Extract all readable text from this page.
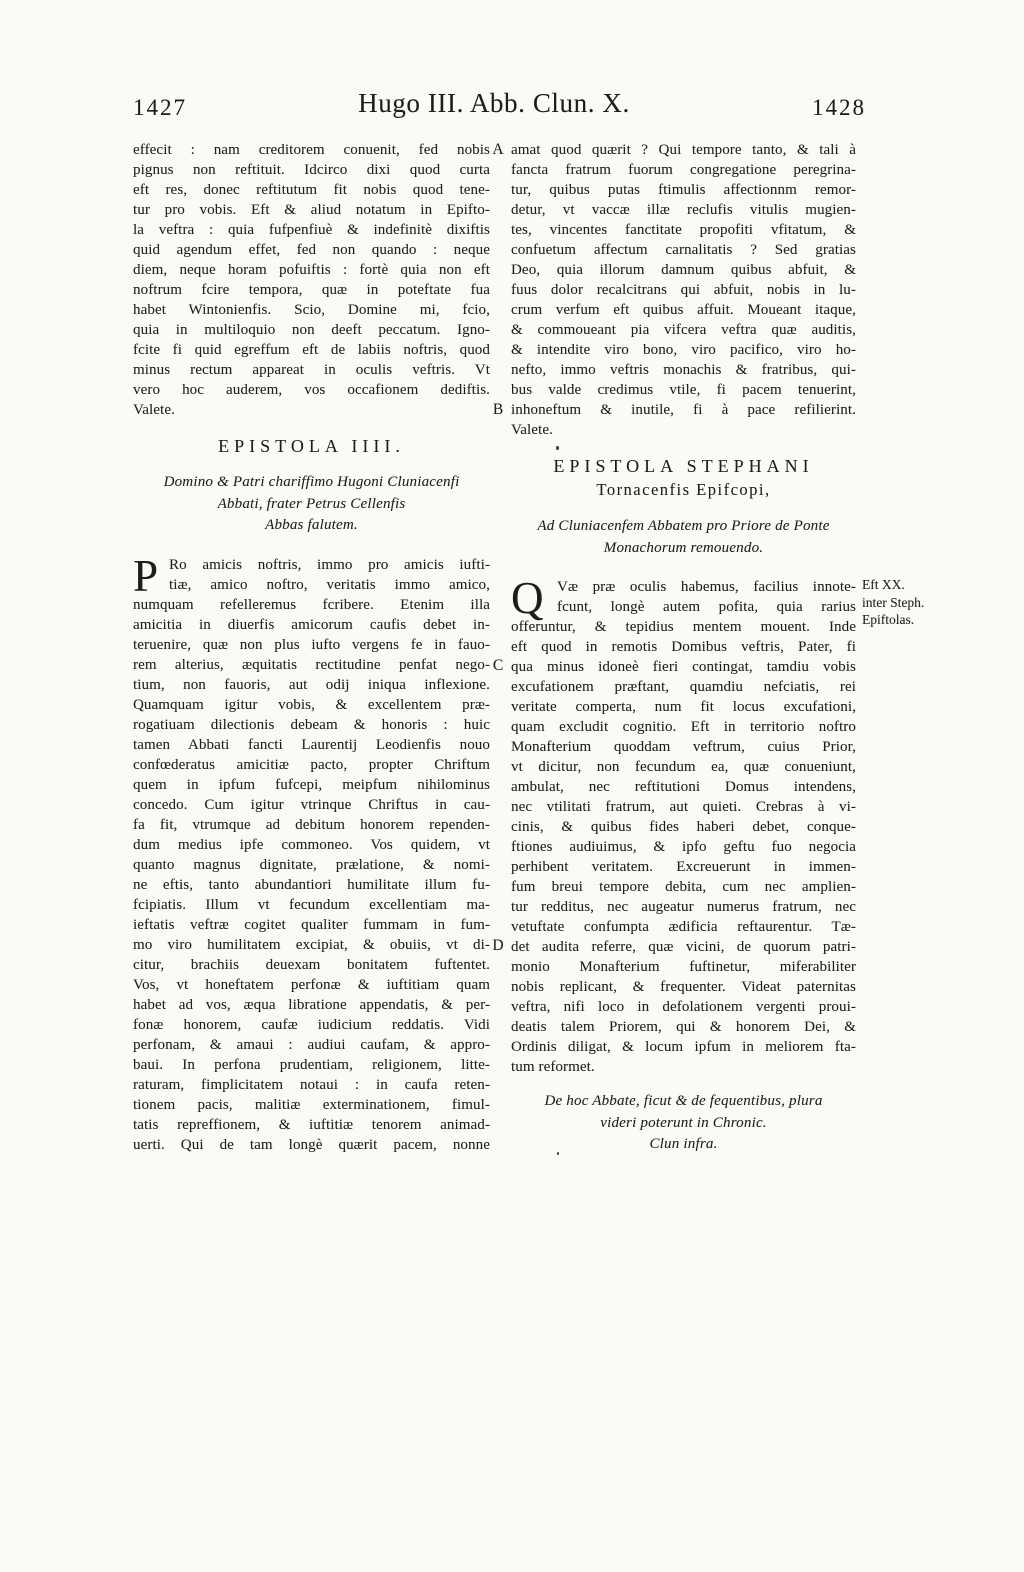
1427	Hugo III. Abb. Clun. X.	1428
effecit : nam creditorem conuenit, fed nobis
pignus non reftituit. Idcirco dixi quod curta
eft res, donec reftitutum fit nobis quod tene-
tur pro vobis. Eft & aliud notatum in Epifto-
la veftra : quia fufpenfiuè & indefinitè dixiftis
quid agendum effet, fed non quando : neque
diem, neque horam pofuiftis : fortè quia non eft
noftrum fcire tempora, quæ in poteftate fua
habet Wintonienfis. Scio, Domine mi, fcio,
quia in multiloquio non deeft peccatum. Igno-
fcite fi quid egreffum eft de labiis noftris, quod
minus rectum appareat in oculis veftris. Vt
vero hoc auderem, vos occafionem dediftis.
Valete.
EPISTOLA IIII.
Domino & Patri chariffimo Hugoni Cluniacenfi
Abbati, frater Petrus Cellenfis
Abbas falutem.
P Ro amicis noftris, immo pro amicis iufti-
tiæ, amico noftro, veritatis immo amico,
numquam refelleremus fcribere. Etenim illa
amicitia in diuerfis amicorum caufis debet in-
teruenire, quæ non plus iufto vergens fe in fauo-
rem alterius, æquitatis rectitudine penfat nego-
tium, non fauoris, aut odij iniqua inflexione.
Quamquam igitur vobis, & excellentem præ-
rogatiuam dilectionis debeam & honoris : huic
tamen Abbati fancti Laurentij Leodienfis nouo
confœderatus amicitiæ pacto, propter Chriftum
quem in ipfum fufcepi, meipfum nihilominus
concedo. Cum igitur vtrinque Chriftus in cau-
fa fit, vtrumque ad debitum honorem rependen-
dum medius ipfe commoneo. Vos quidem, vt
quanto magnus dignitate, prælatione, & nomi-
ne eftis, tanto abundantiori humilitate illum fu-
fcipiatis. Illum vt fecundum excellentiam ma-
ieftatis veftræ cogitet qualiter fummam in fum-
mo viro humilitatem excipiat, & obuiis, vt di-
citur, brachiis deuexam bonitatem fuftentet.
Vos, vt honeftatem perfonæ & iuftitiam quam
habet ad vos, æqua libratione appendatis, & per-
fonæ honorem, caufæ iudicium reddatis. Vidi
perfonam, & amaui : audiui caufam, & appro-
baui. In perfona prudentiam, religionem, litte-
raturam, fimplicitatem notaui : in caufa reten-
tionem pacis, malitiæ exterminationem, fimul-
tatis repreffionem, & iuftitiæ tenorem animad-
uerti. Qui de tam longè quærit pacem, nonne
amat quod quærit ? Qui tempore tanto, & tali à
fancta fratrum fuorum congregatione peregrina-
tur, quibus putas ftimulis affectionnm remor-
detur, vt vaccæ illæ reclufis vitulis mugien-
tes, vincentes fanctitate propofiti vfitatum, &
confuetum affectum carnalitatis ? Sed gratias
Deo, quia illorum damnum quibus abfuit, &
fuus dolor recalcitrans qui abfuit, nobis in lu-
crum verfum eft quibus affuit. Moueant itaque,
& commoueant pia vifcera veftra quæ auditis,
& intendite viro bono, viro pacifico, viro ho-
nefto, immo veftris monachis & fratribus, qui-
bus valde credimus vtile, fi pacem tenuerint,
inhoneftum & inutile, fi à pace refilierint.
Valete.
EPISTOLA STEPHANI
Tornacenfis Epifcopi,
Ad Cluniacenfem Abbatem pro Priore de Ponte
Monachorum remouendo.
Q Væ præ oculis habemus, facilius innote-
fcunt, longè autem pofita, quia rarius
offeruntur, & tepidius mentem mouent. Inde
eft quod in remotis Domibus veftris, Pater, fi
qua minus idoneè fieri contingat, tamdiu vobis
excufationem præftant, quamdiu nefciatis, rei
veritate comperta, num fit locus excufationi,
quam excludit cognitio. Eft in territorio noftro
Monafterium quoddam veftrum, cuius Prior,
vt dicitur, non fecundum ea, quæ conueniunt,
ambulat, nec reftitutioni Domus intendens,
nec vtilitati fratrum, aut quieti. Crebras à vi-
cinis, & quibus fides haberi debet, conque-
ftiones audiuimus, & ipfo geftu fuo negocia
perhibent veritatem. Excreuerunt in immen-
fum breui tempore debita, cum nec amplien-
tur redditus, nec augeatur numerus fratrum, nec
vetuftate confumpta ædificia reftaurentur. Tæ-
det audita referre, quæ vicini, de quorum patri-
monio Monafterium fuftinetur, miferabiliter
nobis replicant, & frequenter. Videat paternitas
veftra, nifi loco in defolationem vergenti proui-
deatis talem Priorem, qui & honorem Dei, &
Ordinis diligat, & locum ipfum in meliorem fta-
tum reformet.
De hoc Abbate, ficut & de fequentibus, plura
videri poterunt in Chronic.
Clun infra.
A
B
C
D
Eft XX.
inter Steph.
Epiftolas.
